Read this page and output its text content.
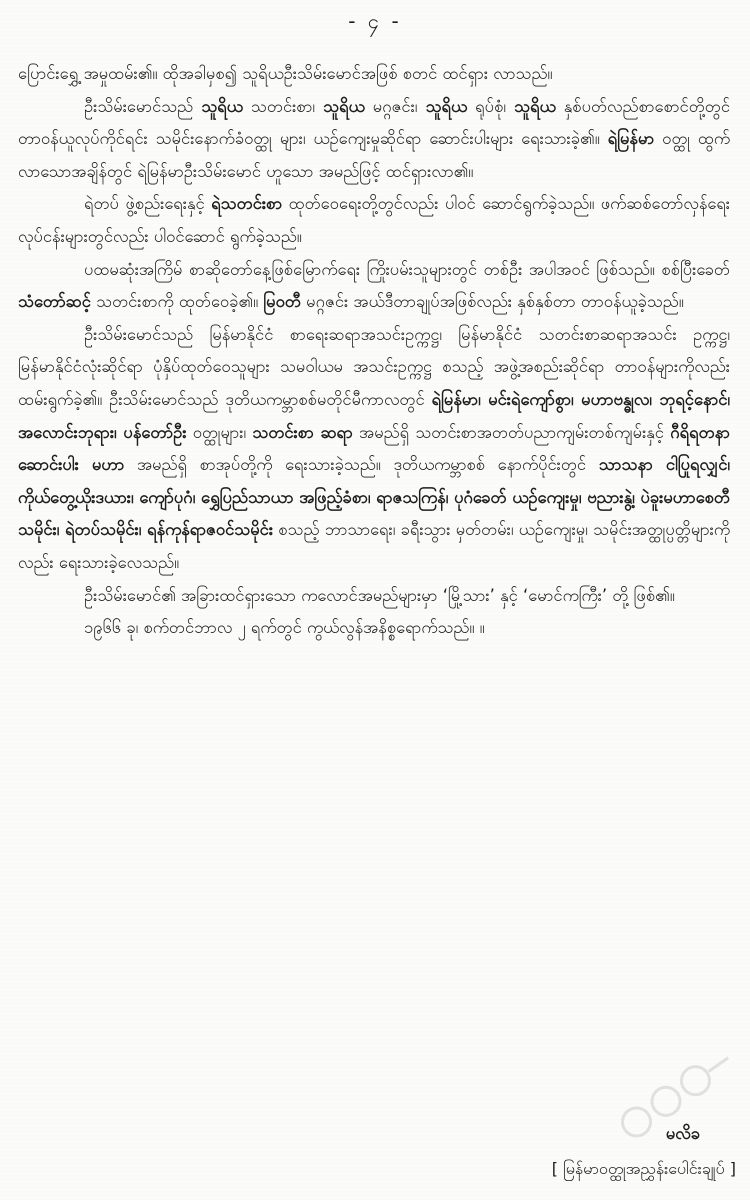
- ၄ -

ပြောင်းရွှေ့ အမှုထမ်း၏။ ထိုအခါမှစ၍ သူရိယဦးသိမ်းမောင်အဖြစ် စတင် ထင်ရှား လာသည်။

ဦးသိမ်းမောင်သည် သူရိယ သတင်းစာ၊ သူရိယ မဂ္ဂဇင်း၊ သူရိယ ရုပ်စုံ၊ သူရိယ နှစ်ပတ်လည်စာစောင်တို့တွင် တာဝန်ယူလုပ်ကိုင်ရင်း သမိုင်းနောက်ခံဝတ္ထု များ၊ ယဉ်ကျေးမှုဆိုင်ရာ ဆောင်းပါးများ ရေးသားခဲ့၏။ ရဲမြန်မာ ဝတ္ထု ထွက် လာသောအချိန်တွင် ရဲမြန်မာဦးသိမ်းမောင် ဟူသော အမည်ဖြင့် ထင်ရှားလာ၏။

ရဲတပ် ဖွဲ့စည်းရေးနှင့် ရဲသတင်းစာ ထုတ်ဝေရေးတို့တွင်လည်း ပါဝင် ဆောင်ရွက်ခဲ့သည်။ ဖက်ဆစ်တော်လှန်ရေးလုပ်ငန်းများတွင်လည်း ပါဝင်ဆောင် ရွက်ခဲ့သည်။

ပထမဆုံးအကြိမ် စာဆိုတော်နေ့ဖြစ်မြောက်ရေး ကြိုးပမ်းသူများတွင် တစ်ဦး အပါအဝင် ဖြစ်သည်။ စစ်ပြီးခေတ် သံတော်ဆင့် သတင်းစာကို ထုတ်ဝေခဲ့၏။ မြဝတီ မဂ္ဂဇင်း အယ်ဒီတာချုပ်အဖြစ်လည်း နှစ်နှစ်တာ တာဝန်ယူခဲ့သည်။

ဦးသိမ်းမောင်သည် မြန်မာနိုင်ငံ စာရေးဆရာအသင်းဥက္ကဋ္ဌ၊ မြန်မာနိုင်ငံ သတင်းစာဆရာအသင်း ဥက္ကဋ္ဌ၊ မြန်မာနိုင်ငံလုံးဆိုင်ရာ ပုံနှိပ်ထုတ်ဝေသူများ သမဝါယမ အသင်းဥက္ကဋ္ဌ စသည့် အဖွဲ့အစည်းဆိုင်ရာ တာဝန်များကိုလည်း ထမ်းရွက်ခဲ့၏။ ဦးသိမ်းမောင်သည် ဒုတိယကမ္ဘာစစ်မတိုင်မီကာလတွင် ရဲမြန်မာ၊ မင်းရဲကျော်စွာ၊ မဟာဗန္ဓုလ၊ ဘုရင့်နောင်၊ အလောင်းဘုရား၊ ပန်တော်ဦး ဝတ္ထုများ၊ သတင်းစာ ဆရာ အမည်ရှိ သတင်းစာအတတ်ပညာကျမ်းတစ်ကျမ်းနှင့် ဂီရိရတနာ ဆောင်းပါး မဟာ အမည်ရှိ စာအုပ်တို့ကို ရေးသားခဲ့သည်။ ဒုတိယကမ္ဘာစစ် နောက်ပိုင်းတွင် သာသနာ ငါပြုရလျှင်၊ ကိုယ်တွေ့ယိုးဒယား၊ ကျော်ပုဂံ၊ ရွှေပြည်သာယာ အဖြည့်ခံစာ၊ ရာဇသကြန်၊ ပုဂံခေတ် ယဉ်ကျေးမှု၊ ဗညားနွဲ့၊ ပဲခူးမဟာစေတီ သမိုင်း၊ ရဲတပ်သမိုင်း၊ ရန်ကုန်ရာဇဝင်သမိုင်း စသည့် ဘာသာရေး၊ ခရီးသွား မှတ်တမ်း၊ ယဉ်ကျေးမှု၊ သမိုင်းအတ္ထုပ္ပတ္တိများကိုလည်း ရေးသားခဲ့လေသည်။

ဦးသိမ်းမောင်၏ အခြားထင်ရှားသော ကလောင်အမည်များမှာ ‘မြို့သား’ နှင့် ‘မောင်ကကြီး’ တို့ ဖြစ်၏။

၁၉၆၆ ခု၊ စက်တင်ဘာလ ၂ ရက်တွင် ကွယ်လွန်အနိစ္စရောက်သည်။ ။

မလိခ
[ မြန်မာဝတ္ထုအညွှန်းပေါင်းချုပ် ]
